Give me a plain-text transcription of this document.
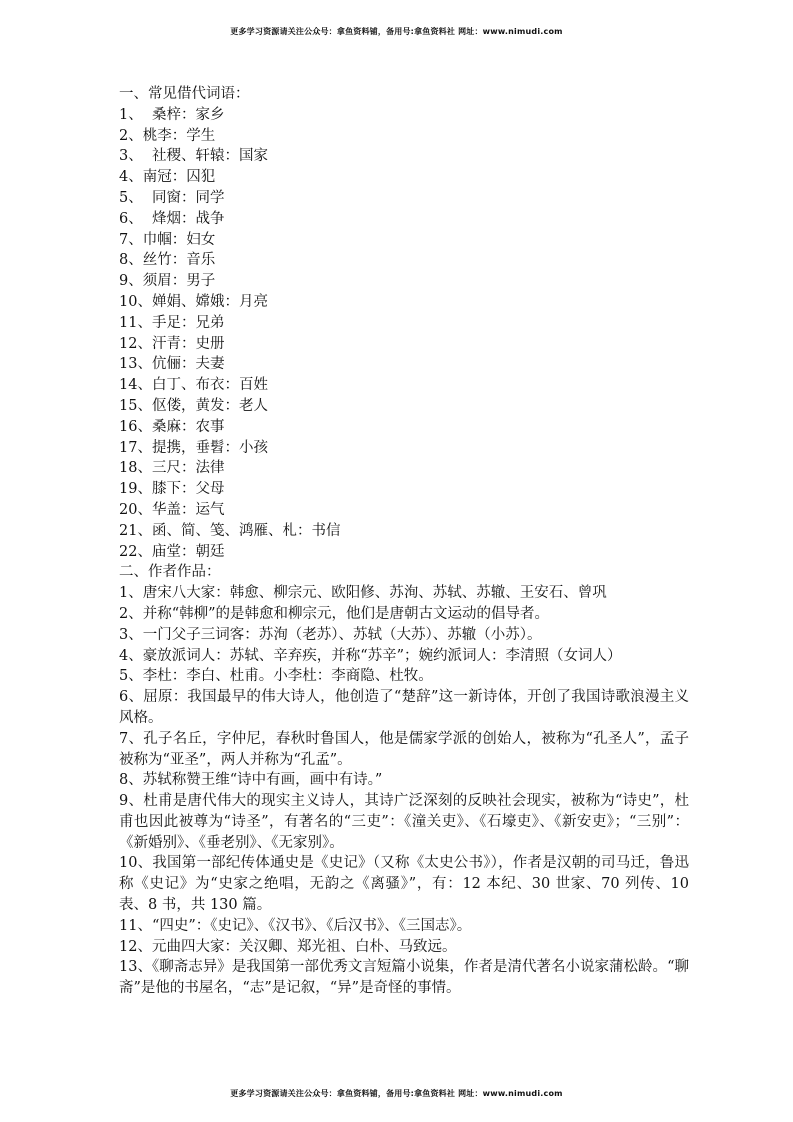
更多学习资源请关注公众号：拿鱼资料铺，备用号:拿鱼资料社 网址：www.nimudi.com
一、常见借代词语：
1、  桑梓：家乡
2、桃李：学生
3、  社稷、轩辕：国家
4、南冠：囚犯
5、  同窗：同学
6、  烽烟：战争
7、巾帼：妇女
8、丝竹：音乐
9、须眉：男子
10、婵娟、嫦娥：月亮
11、手足：兄弟
12、汗青：史册
13、伉俪：夫妻
14、白丁、布衣：百姓
15、伛偻，黄发：老人
16、桑麻：农事
17、提携，垂髫：小孩
18、三尺：法律
19、膝下：父母
20、华盖：运气
21、函、简、笺、鸿雁、札：书信
22、庙堂：朝廷
二、作者作品：
1、唐宋八大家：韩愈、柳宗元、欧阳修、苏洵、苏轼、苏辙、王安石、曾巩
2、并称“韩柳”的是韩愈和柳宗元，他们是唐朝古文运动的倡导者。
3、一门父子三词客：苏洵（老苏）、苏轼（大苏）、苏辙（小苏）。
4、豪放派词人：苏轼、辛弃疾，并称“苏辛”；婉约派词人：李清照（女词人）
5、李杜：李白、杜甫。小李杜：李商隐、杜牧。
6、屈原：我国最早的伟大诗人，他创造了“楚辞”这一新诗体，开创了我国诗歌浪漫主义风格。
7、孔子名丘，字仲尼，春秋时鲁国人，他是儒家学派的创始人，被称为“孔圣人”，孟子被称为“亚圣”，两人并称为“孔孟”。
8、苏轼称赞王维“诗中有画，画中有诗。”
9、杜甫是唐代伟大的现实主义诗人，其诗广泛深刻的反映社会现实，被称为“诗史”，杜甫也因此被尊为“诗圣”，有著名的“三吏”：《潼关吏》、《石壕吏》、《新安吏》；“三别”：《新婚别》、《垂老别》、《无家别》。
10、我国第一部纪传体通史是《史记》（又称《太史公书》），作者是汉朝的司马迁，鲁迅称《史记》为“史家之绝唱，无韵之《离骚》”，有：12 本纪、30 世家、70 列传、10 表、8 书，共 130 篇。
11、“四史”：《史记》、《汉书》、《后汉书》、《三国志》。
12、元曲四大家：关汉卿、郑光祖、白朴、马致远。
13、《聊斋志异》是我国第一部优秀文言短篇小说集，作者是清代著名小说家蒲松龄。“聊斋”是他的书屋名，“志”是记叙，“异”是奇怪的事情。
更多学习资源请关注公众号：拿鱼资料铺，备用号:拿鱼资料社 网址：www.nimudi.com
